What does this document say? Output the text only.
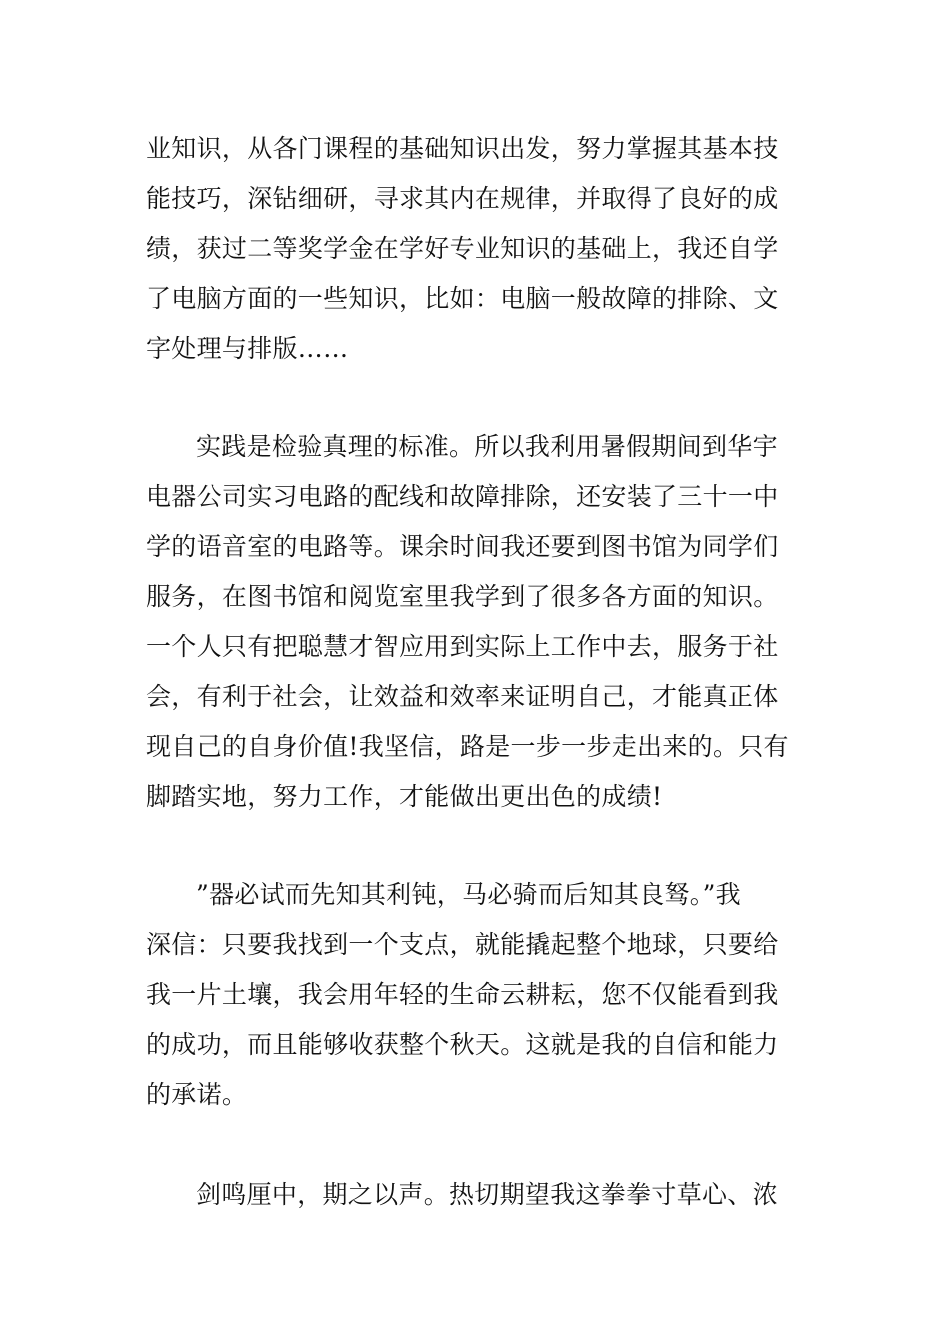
业知识，从各门课程的基础知识出发，努力掌握其基本技
能技巧，深钻细研，寻求其内在规律，并取得了良好的成
绩，获过二等奖学金在学好专业知识的基础上，我还自学
了电脑方面的一些知识，比如：电脑一般故障的排除、文
字处理与排版……
实践是检验真理的标准。所以我利用暑假期间到华宇
电器公司实习电路的配线和故障排除，还安装了三十一中
学的语音室的电路等。课余时间我还要到图书馆为同学们
服务，在图书馆和阅览室里我学到了很多各方面的知识。
一个人只有把聪慧才智应用到实际上工作中去，服务于社
会，有利于社会，让效益和效率来证明自己，才能真正体
现自己的自身价值!我坚信，路是一步一步走出来的。只有
脚踏实地，努力工作，才能做出更出色的成绩!
”器必试而先知其利钝，马必骑而后知其良驽。”我
深信：只要我找到一个支点，就能撬起整个地球，只要给
我一片土壤，我会用年轻的生命云耕耘，您不仅能看到我
的成功，而且能够收获整个秋天。这就是我的自信和能力
的承诺。
剑鸣厘中，期之以声。热切期望我这拳拳寸草心、浓
